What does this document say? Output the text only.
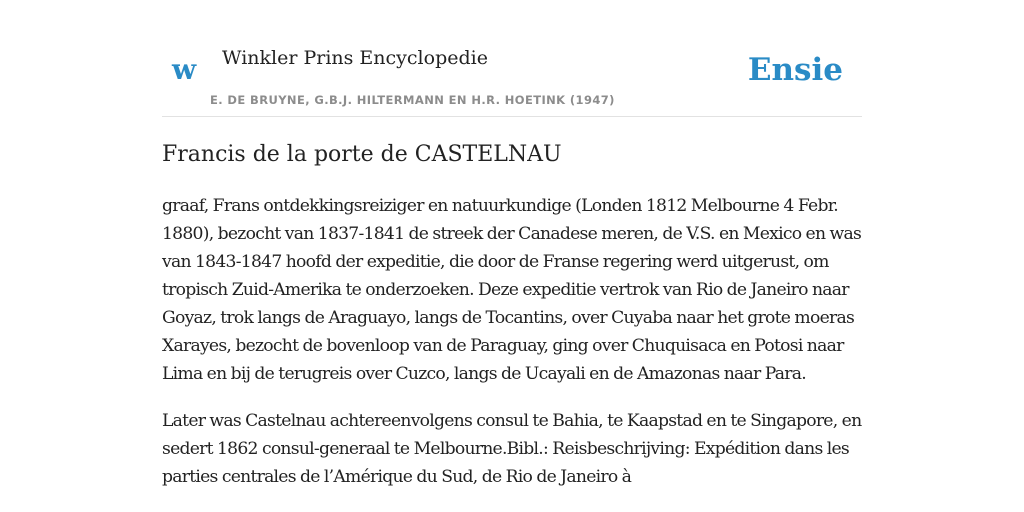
w Winkler Prins Encyclopedie
E. DE BRUYNE, G.B.J. HILTERMANN EN H.R. HOETINK (1947)
Ensie
Francis de la porte de CASTELNAU

graaf, Frans ontdekkingsreiziger en natuurkundige (Londen 1812 Melbourne 4 Febr. 1880), bezocht van 1837-1841 de streek der Canadese meren, de V.S. en Mexico en was van 1843-1847 hoofd der expeditie, die door de Franse regering werd uitgerust, om tropisch Zuid-Amerika te onderzoeken. Deze expeditie vertrok van Rio de Janeiro naar Goyaz, trok langs de Araguayo, langs de Tocantins, over Cuyaba naar het grote moeras Xarayes, bezocht de bovenloop van de Paraguay, ging over Chuquisaca en Potosi naar Lima en bij de terugreis over Cuzco, langs de Ucayali en de Amazonas naar Para.

Later was Castelnau achtereenvolgens consul te Bahia, te Kaapstad en te Singapore, en sedert 1862 consul-generaal te Melbourne.Bibl.: Reisbeschrijving: Expédition dans les parties centrales de l’Amérique du Sud, de Rio de Janeiro à
